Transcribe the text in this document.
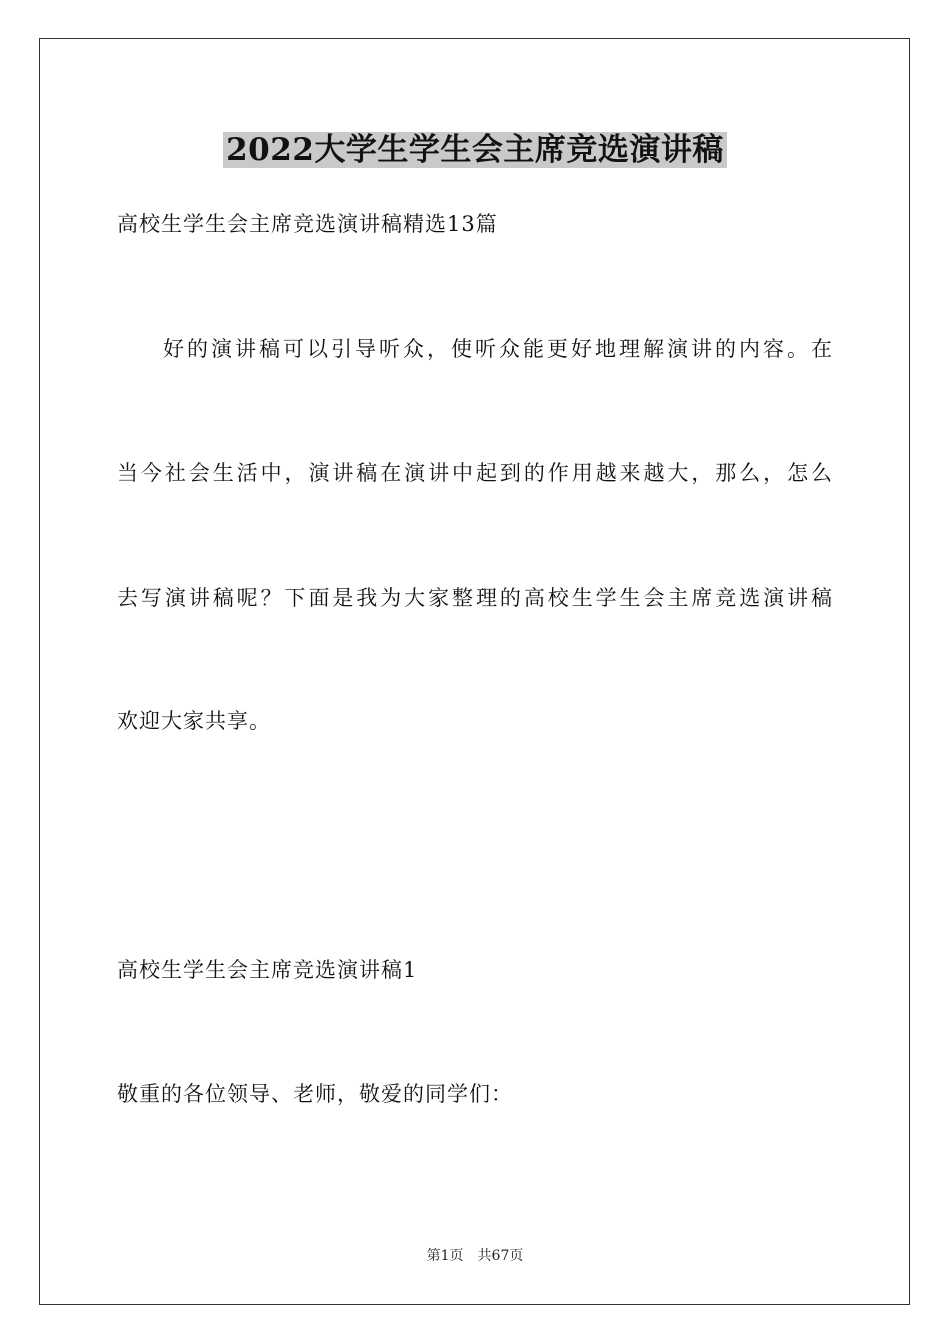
2022大学生学生会主席竞选演讲稿
高校生学生会主席竞选演讲稿精选13篇
好的演讲稿可以引导听众，使听众能更好地理解演讲的内容。在
当今社会生活中，演讲稿在演讲中起到的作用越来越大，那么，怎么
去写演讲稿呢？下面是我为大家整理的高校生学生会主席竞选演讲稿
欢迎大家共享。
高校生学生会主席竞选演讲稿1
敬重的各位领导、老师，敬爱的同学们：
第1页 共67页
